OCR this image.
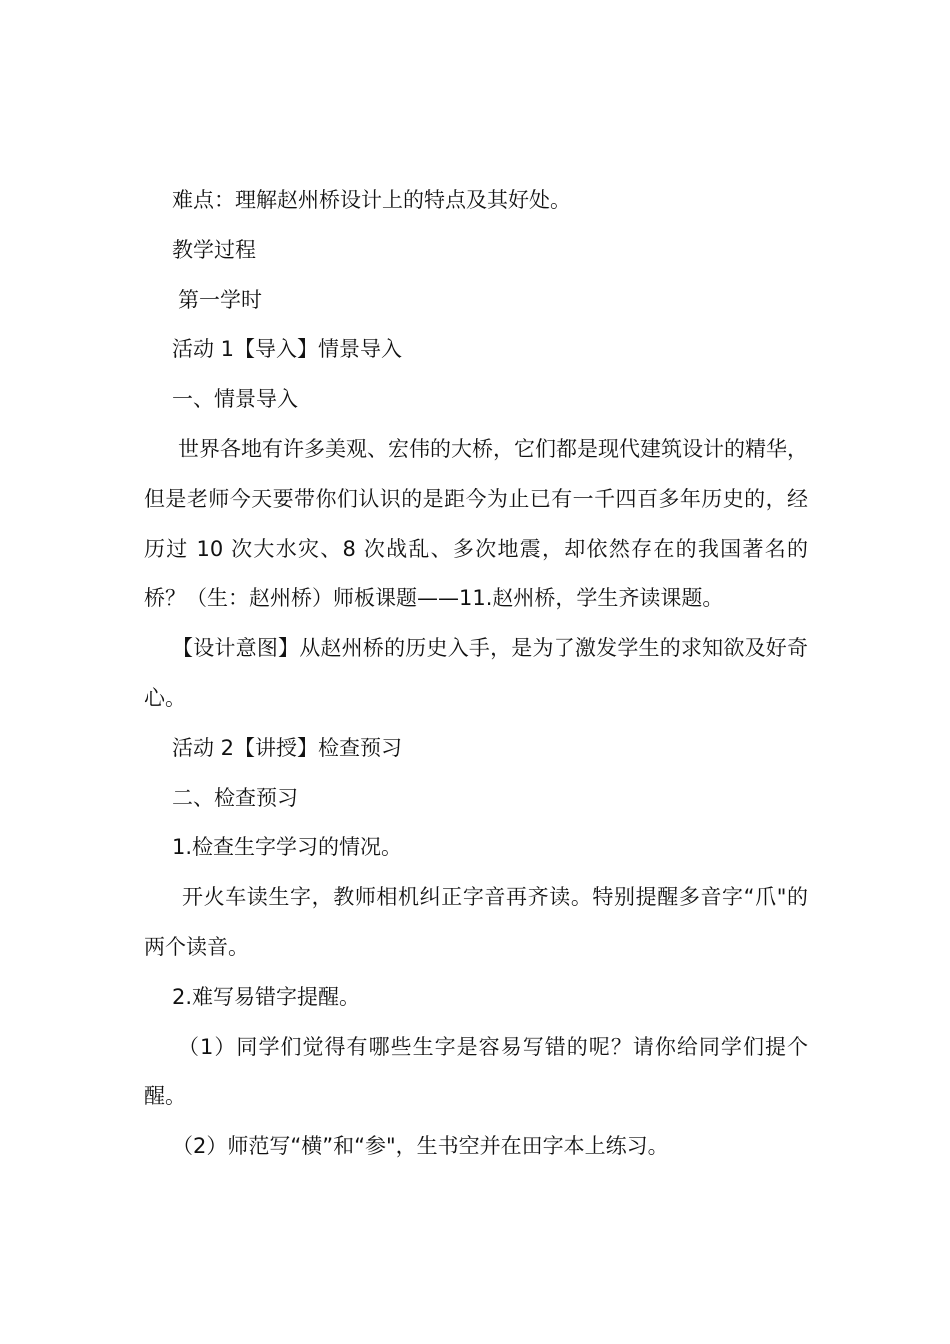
难点：理解赵州桥设计上的特点及其好处。

教学过程

第一学时

活动 1【导入】情景导入

一、情景导入

世界各地有许多美观、宏伟的大桥，它们都是现代建筑设计的精华，但是老师今天要带你们认识的是距今为止已有一千四百多年历史的，经历过 10 次大水灾、8 次战乱、多次地震，却依然存在的我国著名的桥？（生：赵州桥）师板课题——11.赵州桥，学生齐读课题。

【设计意图】从赵州桥的历史入手，是为了激发学生的求知欲及好奇心。

活动 2【讲授】检查预习

二、检查预习

1.检查生字学习的情况。

开火车读生字，教师相机纠正字音再齐读。特别提醒多音字“爪"的两个读音。

2.难写易错字提醒。

（1）同学们觉得有哪些生字是容易写错的呢？请你给同学们提个醒。

（2）师范写“横”和“参"，生书空并在田字本上练习。
